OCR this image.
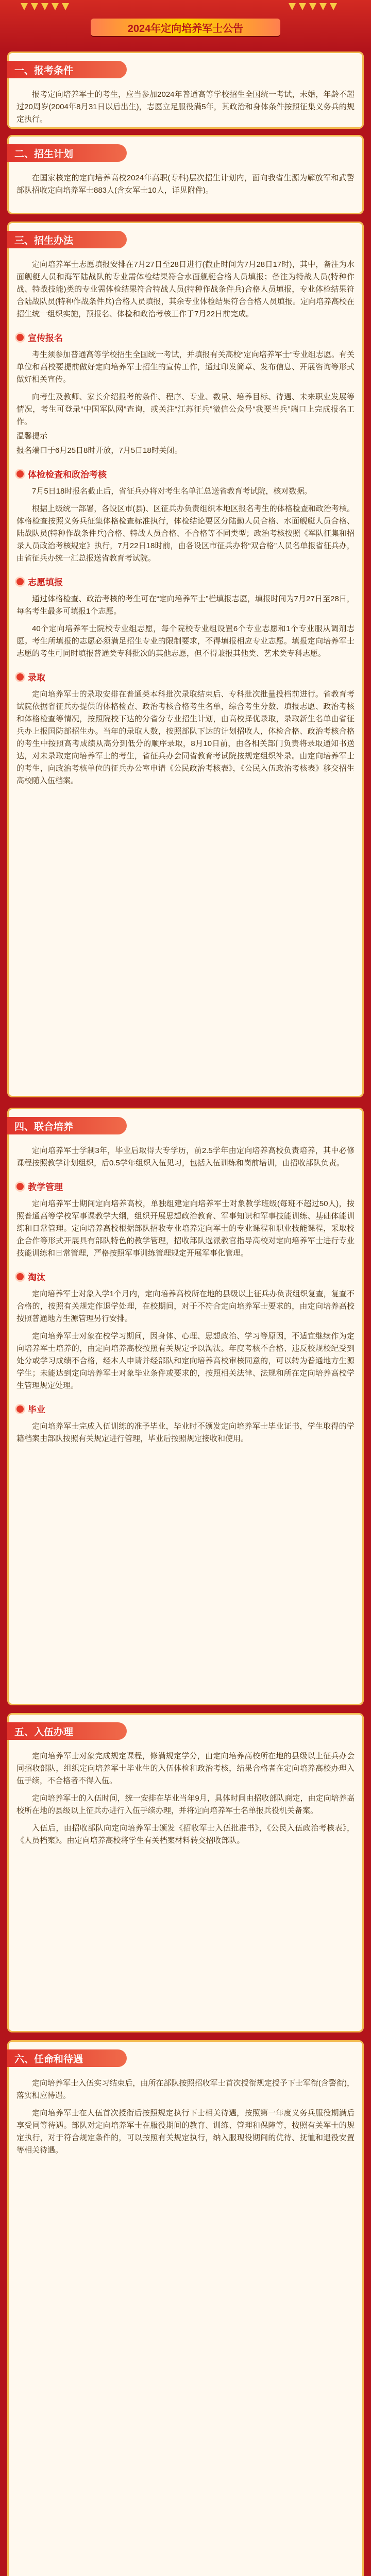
2024年定向培养军士公告
一、报考条件

报考定向培养军士的考生，应当参加2024年普通高等学校招生全国统一考试，未婚，年龄不超过20周岁(2004年8月31日以后出生)，志愿立足服役满5年，其政治和身体条件按照征集义务兵的规定执行。

二、招生计划

在国家核定的定向培养高校2024年高职(专科)层次招生计划内，面向我省生源为解放军和武警部队招收定向培养军士883人(含女军士10人，详见附件)。

三、招生办法

定向培养军士志愿填报安排在7月27日至28日进行(截止时间为7月28日17时)，其中，备注为水面舰艇人员和海军陆战队的专业需体检结果符合水面舰艇合格人员填报；备注为特战人员(特种作战、特战技能)类的专业需体检结果符合特战人员(特种作战条件兵)合格人员填报，专业体检结果符合陆战队员(特种作战条件兵)合格人员填报，其余专业体检结果符合合格人员填报。定向培养高校在招生统一组织实施，预报名、体检和政治考核工作于7月22日前完成。

宣传报名

考生须参加普通高等学校招生全国统一考试，并填报有关高校“定向培养军士”专业组志愿。有关单位和高校要提前做好定向培养军士招生的宣传工作，通过印发简章、发布信息、开展咨询等形式做好相关宣传。

向考生及教师、家长介绍报考的条件、程序、专业、数量、培养目标、待遇、未来职业发展等情况，考生可登录“中国军队网”查询，或关注“江苏征兵”微信公众号“我要当兵”端口上完成报名工作。

温馨提示
报名端口于6月25日8时开放，7月5日18时关闭。
体检检查和政治考核

7月5日18时报名截止后，省征兵办将对考生名单汇总送省教育考试院，核对数据。

根据上级统一部署，各设区市(县)、区征兵办负责组织本地区报名考生的体格检查和政治考核。体格检查按照义务兵征集体格检查标准执行，体检结论要区分陆勤人员合格、水面舰艇人员合格、陆战队员(特种作战条件兵)合格、特战人员合格、不合格等不同类型；政治考核按照《军队征集和招录人员政治考核规定》执行，7月22日18时前，由各设区市征兵办将“双合格”人员名单报省征兵办，由省征兵办统一汇总报送省教育考试院。

志愿填报

通过体格检查、政治考核的考生可在“定向培养军士”栏填报志愿，填报时间为7月27日至28日，每名考生最多可填报1个志愿。

40个定向培养军士院校专业组志愿，每个院校专业组设置6个专业志愿和1个专业服从调剂志愿。考生所填报的志愿必须满足招生专业的限制要求，不得填报相应专业志愿。填报定向培养军士志愿的考生可同时填报普通类专科批次的其他志愿，但不得兼报其他类、艺术类专科志愿。

录取

定向培养军士的录取安排在普通类本科批次录取结束后、专科批次批量投档前进行。省教育考试院依据省征兵办提供的体格检查、政治考核合格考生名单，综合考生分数、填报志愿、政治考核和体格检查等情况，按照院校下达的分省分专业招生计划，由高校择优录取，录取新生名单由省征兵办上报国防部招生办。当年的录取人数，按照部队下达的计划招收人，体检合格、政治考核合格的考生中按照高考成绩从高分到低分的顺序录取，8月10日前，由各相关部门负责将录取通知书送达，对未录取定向培养军士的考生，省征兵办会同省教育考试院按规定组织补录。由定向培养军士的考生，向政治考核单位的征兵办公室申请《公民政治考核表》，《公民入伍政治考核表》移交招生高校随入伍档案。

四、联合培养

定向培养军士学制3年，毕业后取得大专学历，前2.5学年由定向培养高校负责培养，其中必修课程按照教学计划组织，后0.5学年组织入伍见习，包括入伍训练和岗前培训，由招收部队负责。

教学管理

定向培养军士期间定向培养高校，单独组建定向培养军士对象教学班级(每班不超过50人)，按照普通高等学校军事课教学大纲，组织开展思想政治教育、军事知识和军事技能训练、基础体能训练和日常管理。定向培养高校根据部队招收专业培养定向军士的专业课程和职业技能课程，采取校企合作等形式开展具有部队特色的教学管理，招收部队选派教官指导高校对定向培养军士进行专业技能训练和日常管理，严格按照军事训练管理规定开展军事化管理。

淘汰

定向培养军士对象入学1个月内，定向培养高校所在地的县级以上征兵办负责组织复查，复查不合格的，按照有关规定作退学处理，在校期间，对于不符合定向培养军士要求的，由定向培养高校按照普通地方生源管理另行安排。

定向培养军士对象在校学习期间，因身体、心理、思想政治、学习等原因，不适宜继续作为定向培养军士培养的，由定向培养高校按照有关规定予以淘汰。年度考核不合格、违反校规校纪受到处分或学习成绩不合格，经本人申请并经部队和定向培养高校审核同意的，可以转为普通地方生源学生；未能达到定向培养军士对象毕业条件或要求的，按照相关法律、法规和所在定向培养高校学生管理规定处理。

毕业

定向培养军士完成入伍训练的准予毕业，毕业时不颁发定向培养军士毕业证书，学生取得的学籍档案由部队按照有关规定进行管理，毕业后按照规定接收和使用。

五、入伍办理

定向培养军士对象完成规定课程，修满规定学分，由定向培养高校所在地的县级以上征兵办会同招收部队，组织定向培养军士毕业生的入伍体检和政治考核，结果合格者在定向培养高校办理入伍手续，不合格者不得入伍。

定向培养军士的入伍时间，统一安排在毕业当年9月，具体时间由招收部队商定，由定向培养高校所在地的县级以上征兵办进行入伍手续办理，并将定向培养军士名单报兵役机关备案。

入伍后，由招收部队向定向培养军士颁发《招收军士入伍批准书》，《公民入伍政治考核表》，《人员档案》。由定向培养高校将学生有关档案材料转交招收部队。

六、任命和待遇

定向培养军士入伍实习结束后，由所在部队按照招收军士首次授衔规定授予下士军衔(含警衔)，落实相应待遇。

定向培养军士在人伍首次授衔后按照规定执行下士相关待遇，按照第一年度义务兵服役期满后享受同等待遇。部队对定向培养军士在服役期间的教育、训练、管理和保障等，按照有关军士的规定执行，对于符合规定条件的，可以按照有关规定执行，纳入服现役期间的优待、抚恤和退役安置等相关待遇。
